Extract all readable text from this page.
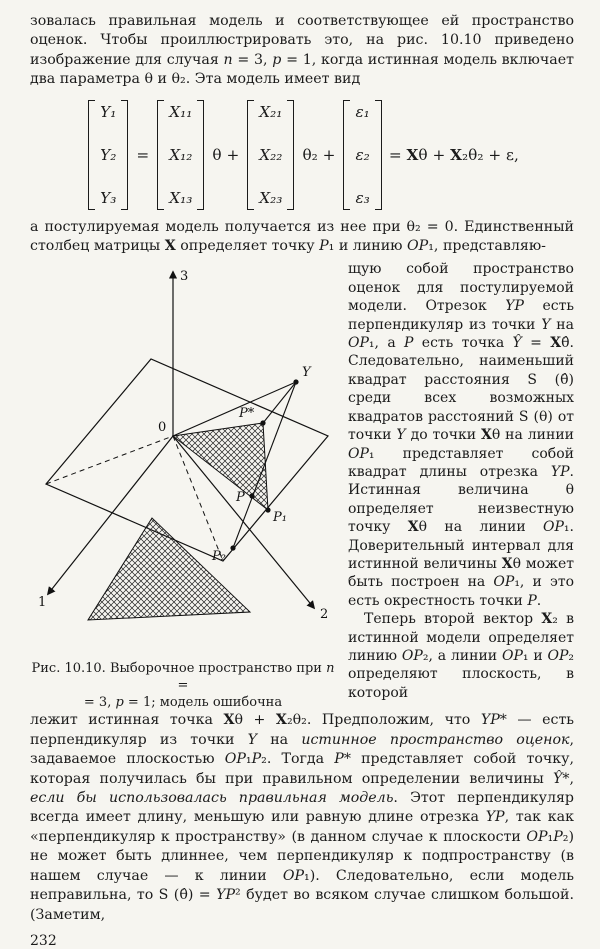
зовалась правильная модель и соответствующее ей пространство оценок. Чтобы проиллюстрировать это, на рис. 10.10 приведено изображение для случая n = 3, p = 1, когда истинная модель включает два параметра θ и θ₂. Эта модель имеет вид

Y₁
Y₂
Y₃
=
X₁₁
X₁₂
X₁₃
θ +
X₂₁
X₂₂
X₂₃
θ₂ +
ε₁
ε₂
ε₃
= Xθ + X₂θ₂ + ε,

а постулируемая модель получается из нее при θ₂ = 0. Единственный столбец матрицы X определяет точку P₁ и линию OP₁, представляю-

3
1
2
0
Y
P*
P
P₁
P₂
Рис. 10.10. Выборочное пространство при n =
= 3, p = 1; модель ошибочна

щую собой пространство оценок для постулируемой модели. Отрезок YP есть перпендикуляр из точки Y на OP₁, а P есть точка Ŷ = Xθ̂. Следовательно, наименьший квадрат расстояния S (θ̂) среди всех возможных квадратов расстояний S (θ) от точки Y до точки Xθ на линии OP₁ представляет собой квадрат длины отрезка YP. Истинная величина θ определяет неизвестную точку Xθ на линии OP₁. Доверительный интервал для истинной величины Xθ может быть построен на OP₁, и это есть окрестность точки P.

Теперь второй вектор X₂ в истинной модели определяет линию OP₂, а линии OP₁ и OP₂ определяют плоскость, в которой

лежит истинная точка Xθ + X₂θ₂. Предположим, что YP* — есть перпендикуляр из точки Y на истинное пространство оценок, задаваемое плоскостью OP₁P₂. Тогда P* представляет собой точку, которая получилась бы при правильном определении величины Ŷ*, если бы использовалась правильная модель. Этот перпендикуляр всегда имеет длину, меньшую или равную длине отрезка YP, так как «перпендикуляр к пространству» (в данном случае к плоскости OP₁P₂) не может быть длиннее, чем перпендикуляр к подпространству (в нашем случае — к линии OP₁). Следовательно, если модель неправильна, то S (θ̂) = YP² будет во всяком случае слишком большой. (Заметим,

232
